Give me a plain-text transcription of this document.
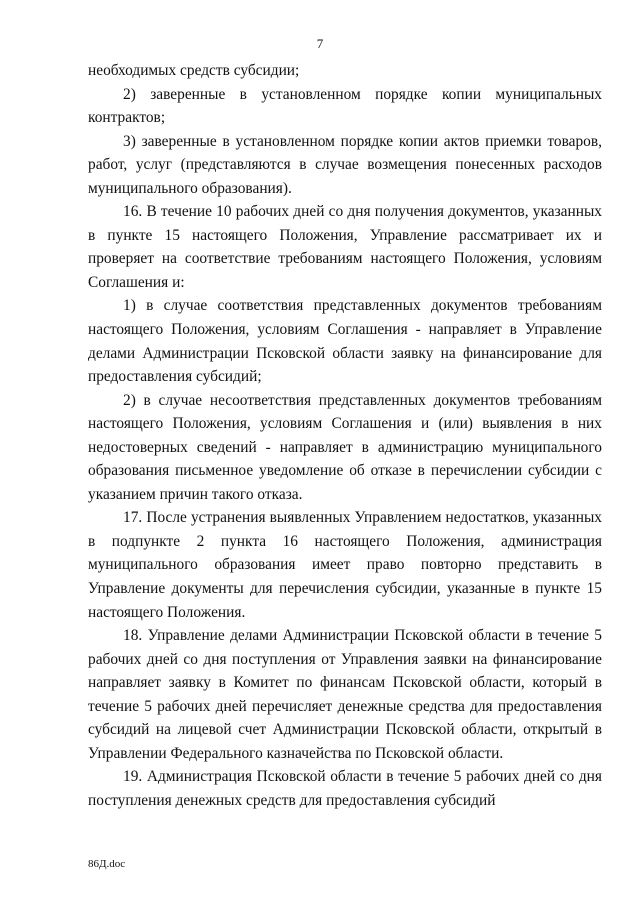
7

необходимых средств субсидии;

2) заверенные в установленном порядке копии муниципальных контрактов;

3) заверенные в установленном порядке копии актов приемки товаров, работ, услуг (представляются в случае возмещения понесенных расходов муниципального образования).

16. В течение 10 рабочих дней со дня получения документов, указанных в пункте 15 настоящего Положения, Управление рассматривает их и проверяет на соответствие требованиям настоящего Положения, условиям Соглашения и:

1) в случае соответствия представленных документов требованиям настоящего Положения, условиям Соглашения - направляет в Управление делами Администрации Псковской области заявку на финансирование для предоставления субсидий;

2) в случае несоответствия представленных документов требованиям настоящего Положения, условиям Соглашения и (или) выявления в них недостоверных сведений - направляет в администрацию муниципального образования письменное уведомление об отказе в перечислении субсидии с указанием причин такого отказа.

17. После устранения выявленных Управлением недостатков, указанных в подпункте 2 пункта 16 настоящего Положения, администрация муниципального образования имеет право повторно представить в Управление документы для перечисления субсидии, указанные в пункте 15 настоящего Положения.

18. Управление делами Администрации Псковской области в течение 5 рабочих дней со дня поступления от Управления заявки на финансирование направляет заявку в Комитет по финансам Псковской области, который в течение 5 рабочих дней перечисляет денежные средства для предоставления субсидий на лицевой счет Администрации Псковской области, открытый в Управлении Федерального казначейства по Псковской области.

19. Администрация Псковской области в течение 5 рабочих дней со дня поступления денежных средств для предоставления субсидий

86Д.doc
